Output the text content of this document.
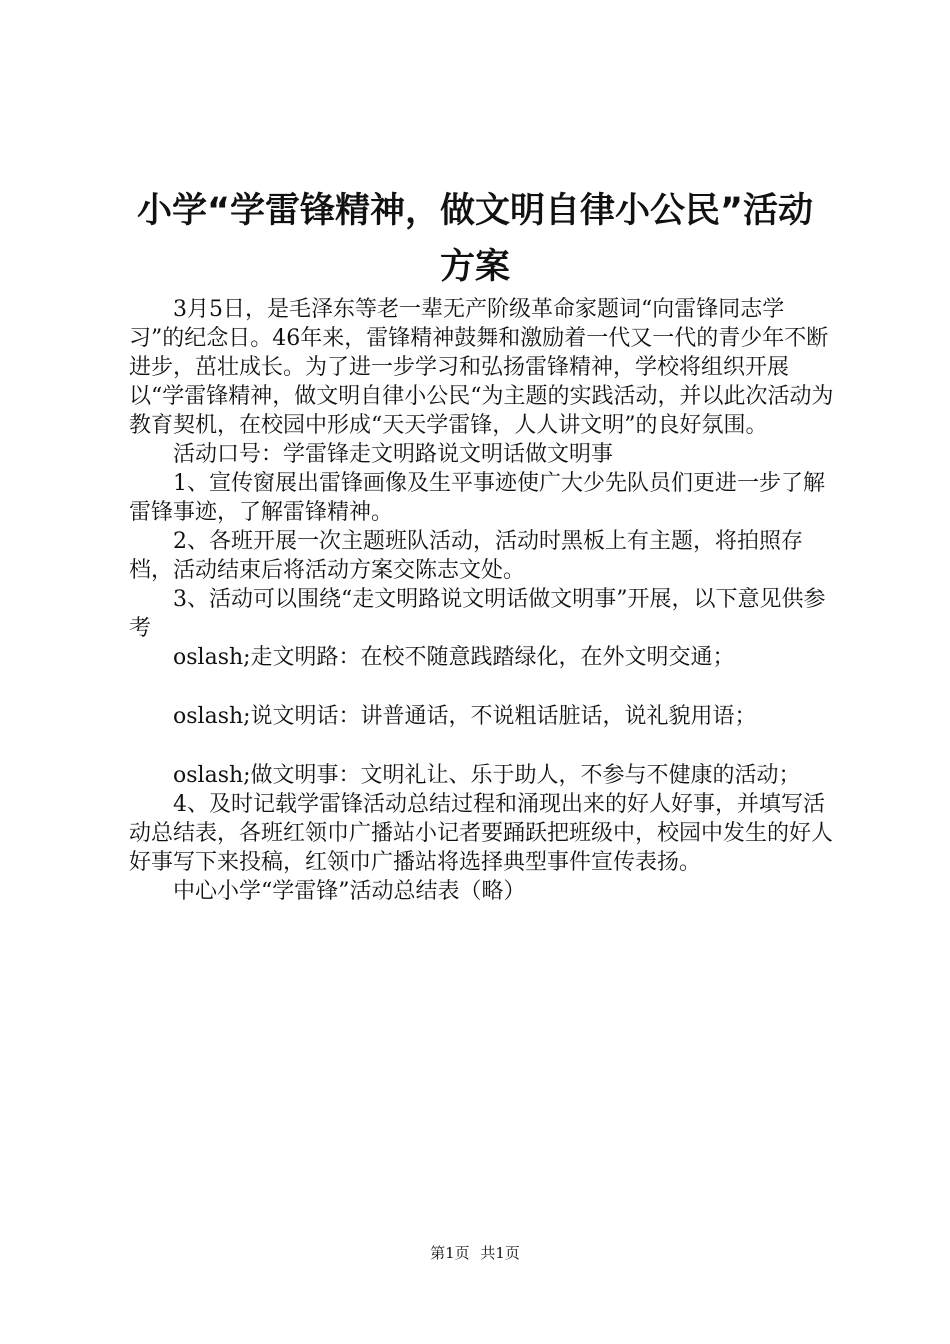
小学“学雷锋精神，做文明自律小公民”活动
方案

3月5日，是毛泽东等老一辈无产阶级革命家题词“向雷锋同志学习”的纪念日。46年来，雷锋精神鼓舞和激励着一代又一代的青少年不断进步，茁壮成长。为了进一步学习和弘扬雷锋精神，学校将组织开展以“学雷锋精神，做文明自律小公民“为主题的实践活动，并以此次活动为教育契机，在校园中形成“天天学雷锋，人人讲文明”的良好氛围。

活动口号：学雷锋走文明路说文明话做文明事

1、宣传窗展出雷锋画像及生平事迹使广大少先队员们更进一步了解雷锋事迹，了解雷锋精神。

2、各班开展一次主题班队活动，活动时黑板上有主题，将拍照存档，活动结束后将活动方案交陈志文处。

3、活动可以围绕“走文明路说文明话做文明事”开展，以下意见供参考

oslash;走文明路：在校不随意践踏绿化，在外文明交通；

oslash;说文明话：讲普通话，不说粗话脏话，说礼貌用语；

oslash;做文明事：文明礼让、乐于助人，不参与不健康的活动；

4、及时记载学雷锋活动总结过程和涌现出来的好人好事，并填写活动总结表，各班红领巾广播站小记者要踊跃把班级中，校园中发生的好人好事写下来投稿，红领巾广播站将选择典型事件宣传表扬。

中心小学“学雷锋”活动总结表（略）

第1页 共1页
